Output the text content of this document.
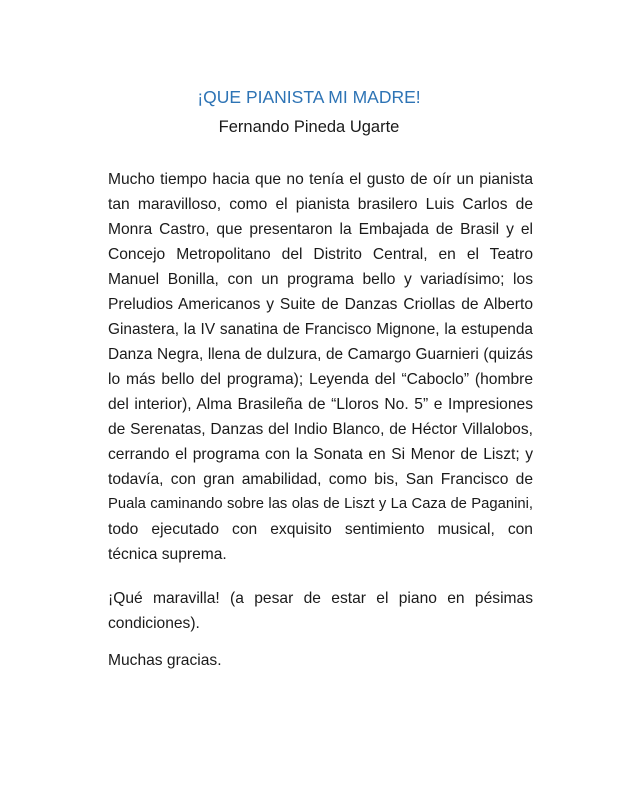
¡QUE PIANISTA MI MADRE!
Fernando Pineda Ugarte
Mucho tiempo hacia que no tenía el gusto de oír un pianista
tan maravilloso, como el pianista brasilero Luis Carlos de
Monra Castro, que presentaron la Embajada de Brasil y el
Concejo Metropolitano del Distrito Central, en el Teatro
Manuel Bonilla, con un programa bello y variadísimo; los
Preludios Americanos y Suite de Danzas Criollas de Alberto
Ginastera, la IV sanatina de Francisco Mignone, la estupenda
Danza Negra, llena de dulzura, de Camargo Guarnieri (quizás
lo más bello del programa); Leyenda del “Caboclo” (hombre
del interior), Alma Brasileña de “Lloros No. 5” e Impresiones
de Serenatas, Danzas del Indio Blanco, de Héctor Villalobos,
cerrando el programa con la Sonata en Si Menor de Liszt; y
todavía, con gran amabilidad, como bis, San Francisco de
Puala caminando sobre las olas de Liszt y La Caza de Paganini,
todo ejecutado con exquisito sentimiento musical, con
técnica suprema.
¡Qué maravilla! (a pesar de estar el piano en pésimas
condiciones).
Muchas gracias.
